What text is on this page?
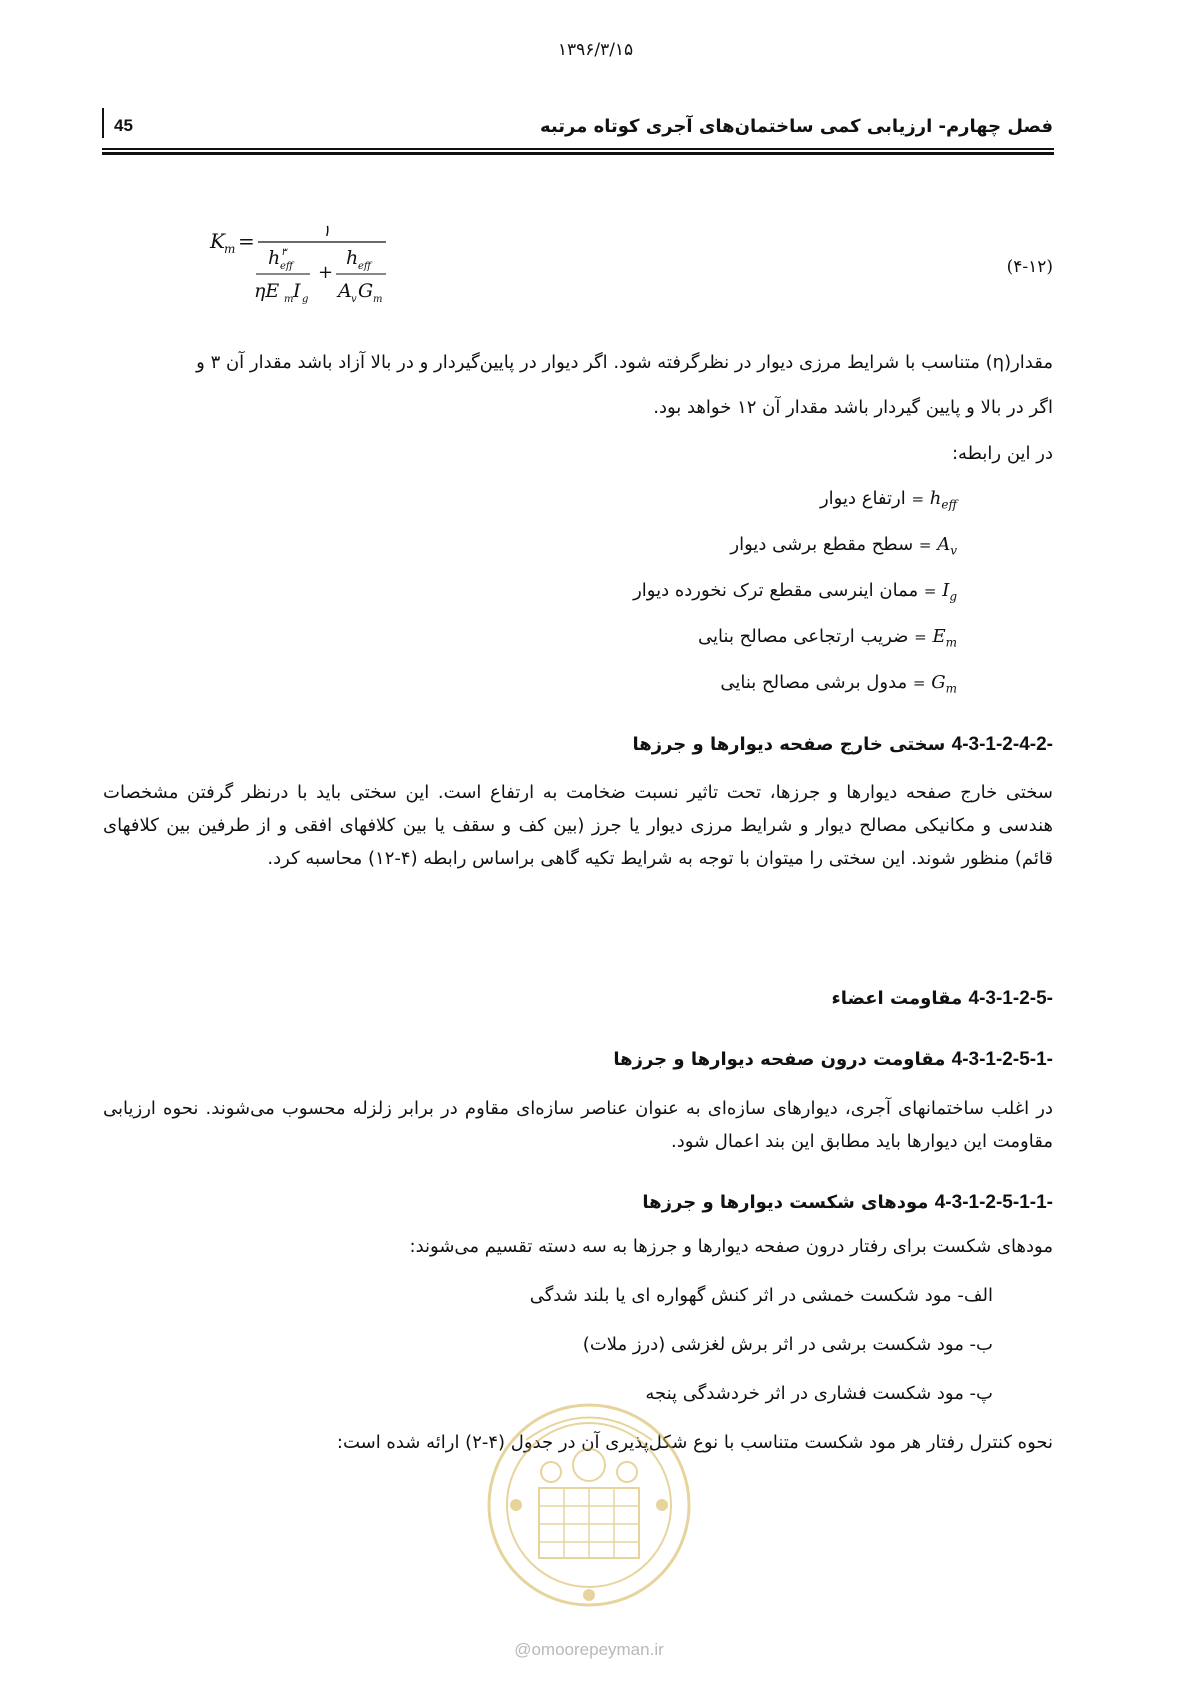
۱۳۹۶/۳/۱۵
45	فصل چهارم- ارزیابی کمی ساختمان‌های آجری کوتاه مرتبه
K m =	۱
h ۳
eff
ηE m I g
+
h eff
A v G m
(۴-۱۲)
مقدار(η) متناسب با شرایط مرزی دیوار در نظرگرفته شود. اگر دیوار در پایین‌گیردار و در بالا آزاد باشد مقدار آن ۳ و
اگر در بالا و پایین گیردار باشد مقدار آن ۱۲ خواهد بود.
در این رابطه:
$h_{eff}$ = ارتفاع دیوار
$A_v$ = سطح مقطع برشی دیوار
$I_g$ = ممان اینرسی مقطع ترک نخورده دیوار
$E_m$ = ضریب ارتجاعی مصالح بنایی
$G_m$ = مدول برشی مصالح بنایی
4-3-1-2-4-2- سختی خارج صفحه دیوارها و جرزها
سختی خارج صفحه دیوارها و جرزها، تحت تاثیر نسبت ضخامت به ارتفاع است. این سختی باید با درنظر گرفتن مشخصات هندسی و مکانیکی مصالح دیوار و شرایط مرزی دیوار یا جرز (بین کف و سقف یا بین کلافهای افقی و از طرفین بین کلافهای قائم) منظور شوند. این سختی را میتوان با توجه به شرایط تکیه گاهی براساس رابطه (۴-۱۲) محاسبه کرد.
4-3-1-2-5- مقاومت اعضاء
4-3-1-2-5-1- مقاومت درون صفحه دیوارها و جرزها
در اغلب ساختمانهای آجری، دیوارهای سازه‌ای به عنوان عناصر سازه‌ای مقاوم در برابر زلزله محسوب می‌شوند. نحوه ارزیابی مقاومت این دیوارها باید مطابق این بند اعمال شود.
4-3-1-2-5-1-1- مودهای شکست دیوارها و جرزها
مودهای شکست برای رفتار درون صفحه دیوارها و جرزها به سه دسته تقسیم می‌شوند:
الف- مود شکست خمشی در اثر کنش گهواره ای یا بلند شدگی
ب- مود شکست برشی در اثر برش لغزشی (درز ملات)
پ- مود شکست فشاری در اثر خردشدگی پنجه
نحوه کنترل رفتار هر مود شکست متناسب با نوع شکل‌پذیری آن در جدول (۴-۲) ارائه شده است:
@omoorepeyman.ir
